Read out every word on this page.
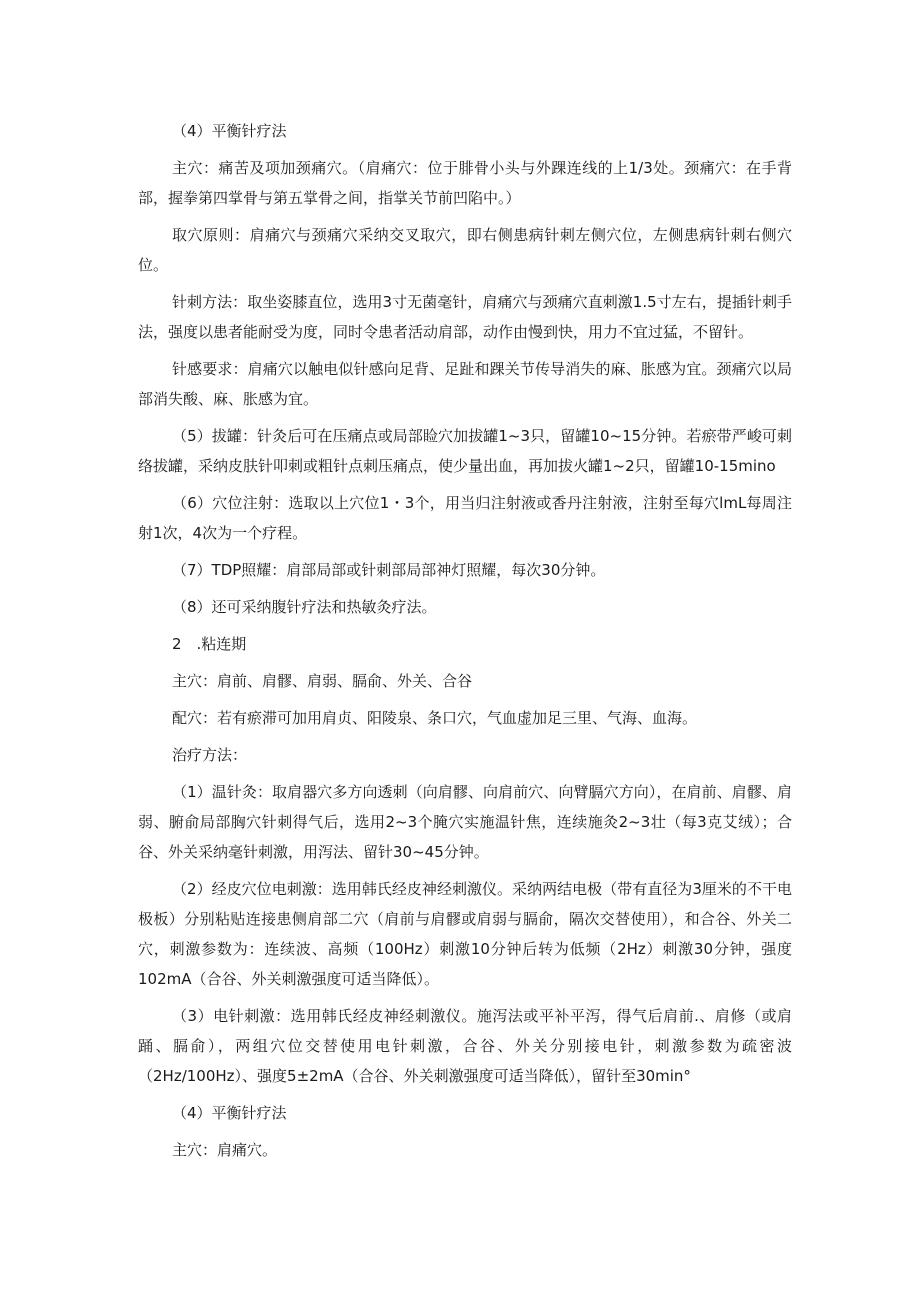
（4）平衡针疗法

主穴：痛苦及项加颈痛穴。（肩痛穴：位于腓骨小头与外踝连线的上1/3处。颈痛穴：在手背部，握拳第四掌骨与第五掌骨之间，指掌关节前凹陷中。）

取穴原则：肩痛穴与颈痛穴采纳交叉取穴，即右侧患病针刺左侧穴位，左侧患病针刺右侧穴位。

针刺方法：取坐姿膝直位，选用3寸无菌毫针，肩痛穴与颈痛穴直刺激1.5寸左右，提插针刺手法，强度以患者能耐受为度，同时令患者活动肩部，动作由慢到快，用力不宜过猛，不留针。

针感要求：肩痛穴以触电似针感向足背、足趾和踝关节传导消失的麻、胀感为宜。颈痛穴以局部消失酸、麻、胀感为宜。

（5）拔罐：针灸后可在压痛点或局部睑穴加拔罐1~3只，留罐10~15分钟。若瘀带严峻可刺络拔罐，采纳皮肤针叩刺或粗针点刺压痛点，使少量出血，再加拔火罐1~2只，留罐10-15mino

（6）穴位注射：选取以上穴位1・3个，用当归注射液或香丹注射液，注射至每穴lmL每周注射1次，4次为一个疗程。

（7）TDP照耀：肩部局部或针刺部局部神灯照耀，每次30分钟。

（8）还可采纳腹针疗法和热敏灸疗法。

2　.粘连期

主穴：肩前、肩髎、肩弱、膈俞、外关、合谷

配穴：若有瘀滞可加用肩贞、阳陵泉、条口穴，气血虚加足三里、气海、血海。

治疗方法：

（1）温针灸：取肩器穴多方向透刺（向肩髎、向肩前穴、向臂膈穴方向），在肩前、肩髎、肩弱、腑俞局部胸穴针刺得气后，选用2~3个腌穴实施温针焦，连续施灸2~3壮（每3克艾绒）；合谷、外关采纳毫针刺激，用泻法、留针30~45分钟。

（2）经皮穴位电刺激：选用韩氏经皮神经刺激仪。采纳两结电极（带有直径为3厘米的不干电极板）分别粘贴连接患侧肩部二穴（肩前与肩髎或肩弱与膈俞，隔次交替使用），和合谷、外关二穴，刺激参数为：连续波、高频（100Hz）刺激10分钟后转为低频（2Hz）刺激30分钟，强度102mA（合谷、外关刺激强度可适当降低）。

（3）电针刺激：选用韩氏经皮神经刺激仪。施泻法或平补平泻，得气后肩前.、肩修（或肩踊、膈俞），两组穴位交替使用电针刺激，合谷、外关分别接电针，刺激参数为疏密波（2Hz/100Hz）、强度5±2mA（合谷、外关刺激强度可适当降低），留针至30min°

（4）平衡针疗法

主穴：肩痛穴。
